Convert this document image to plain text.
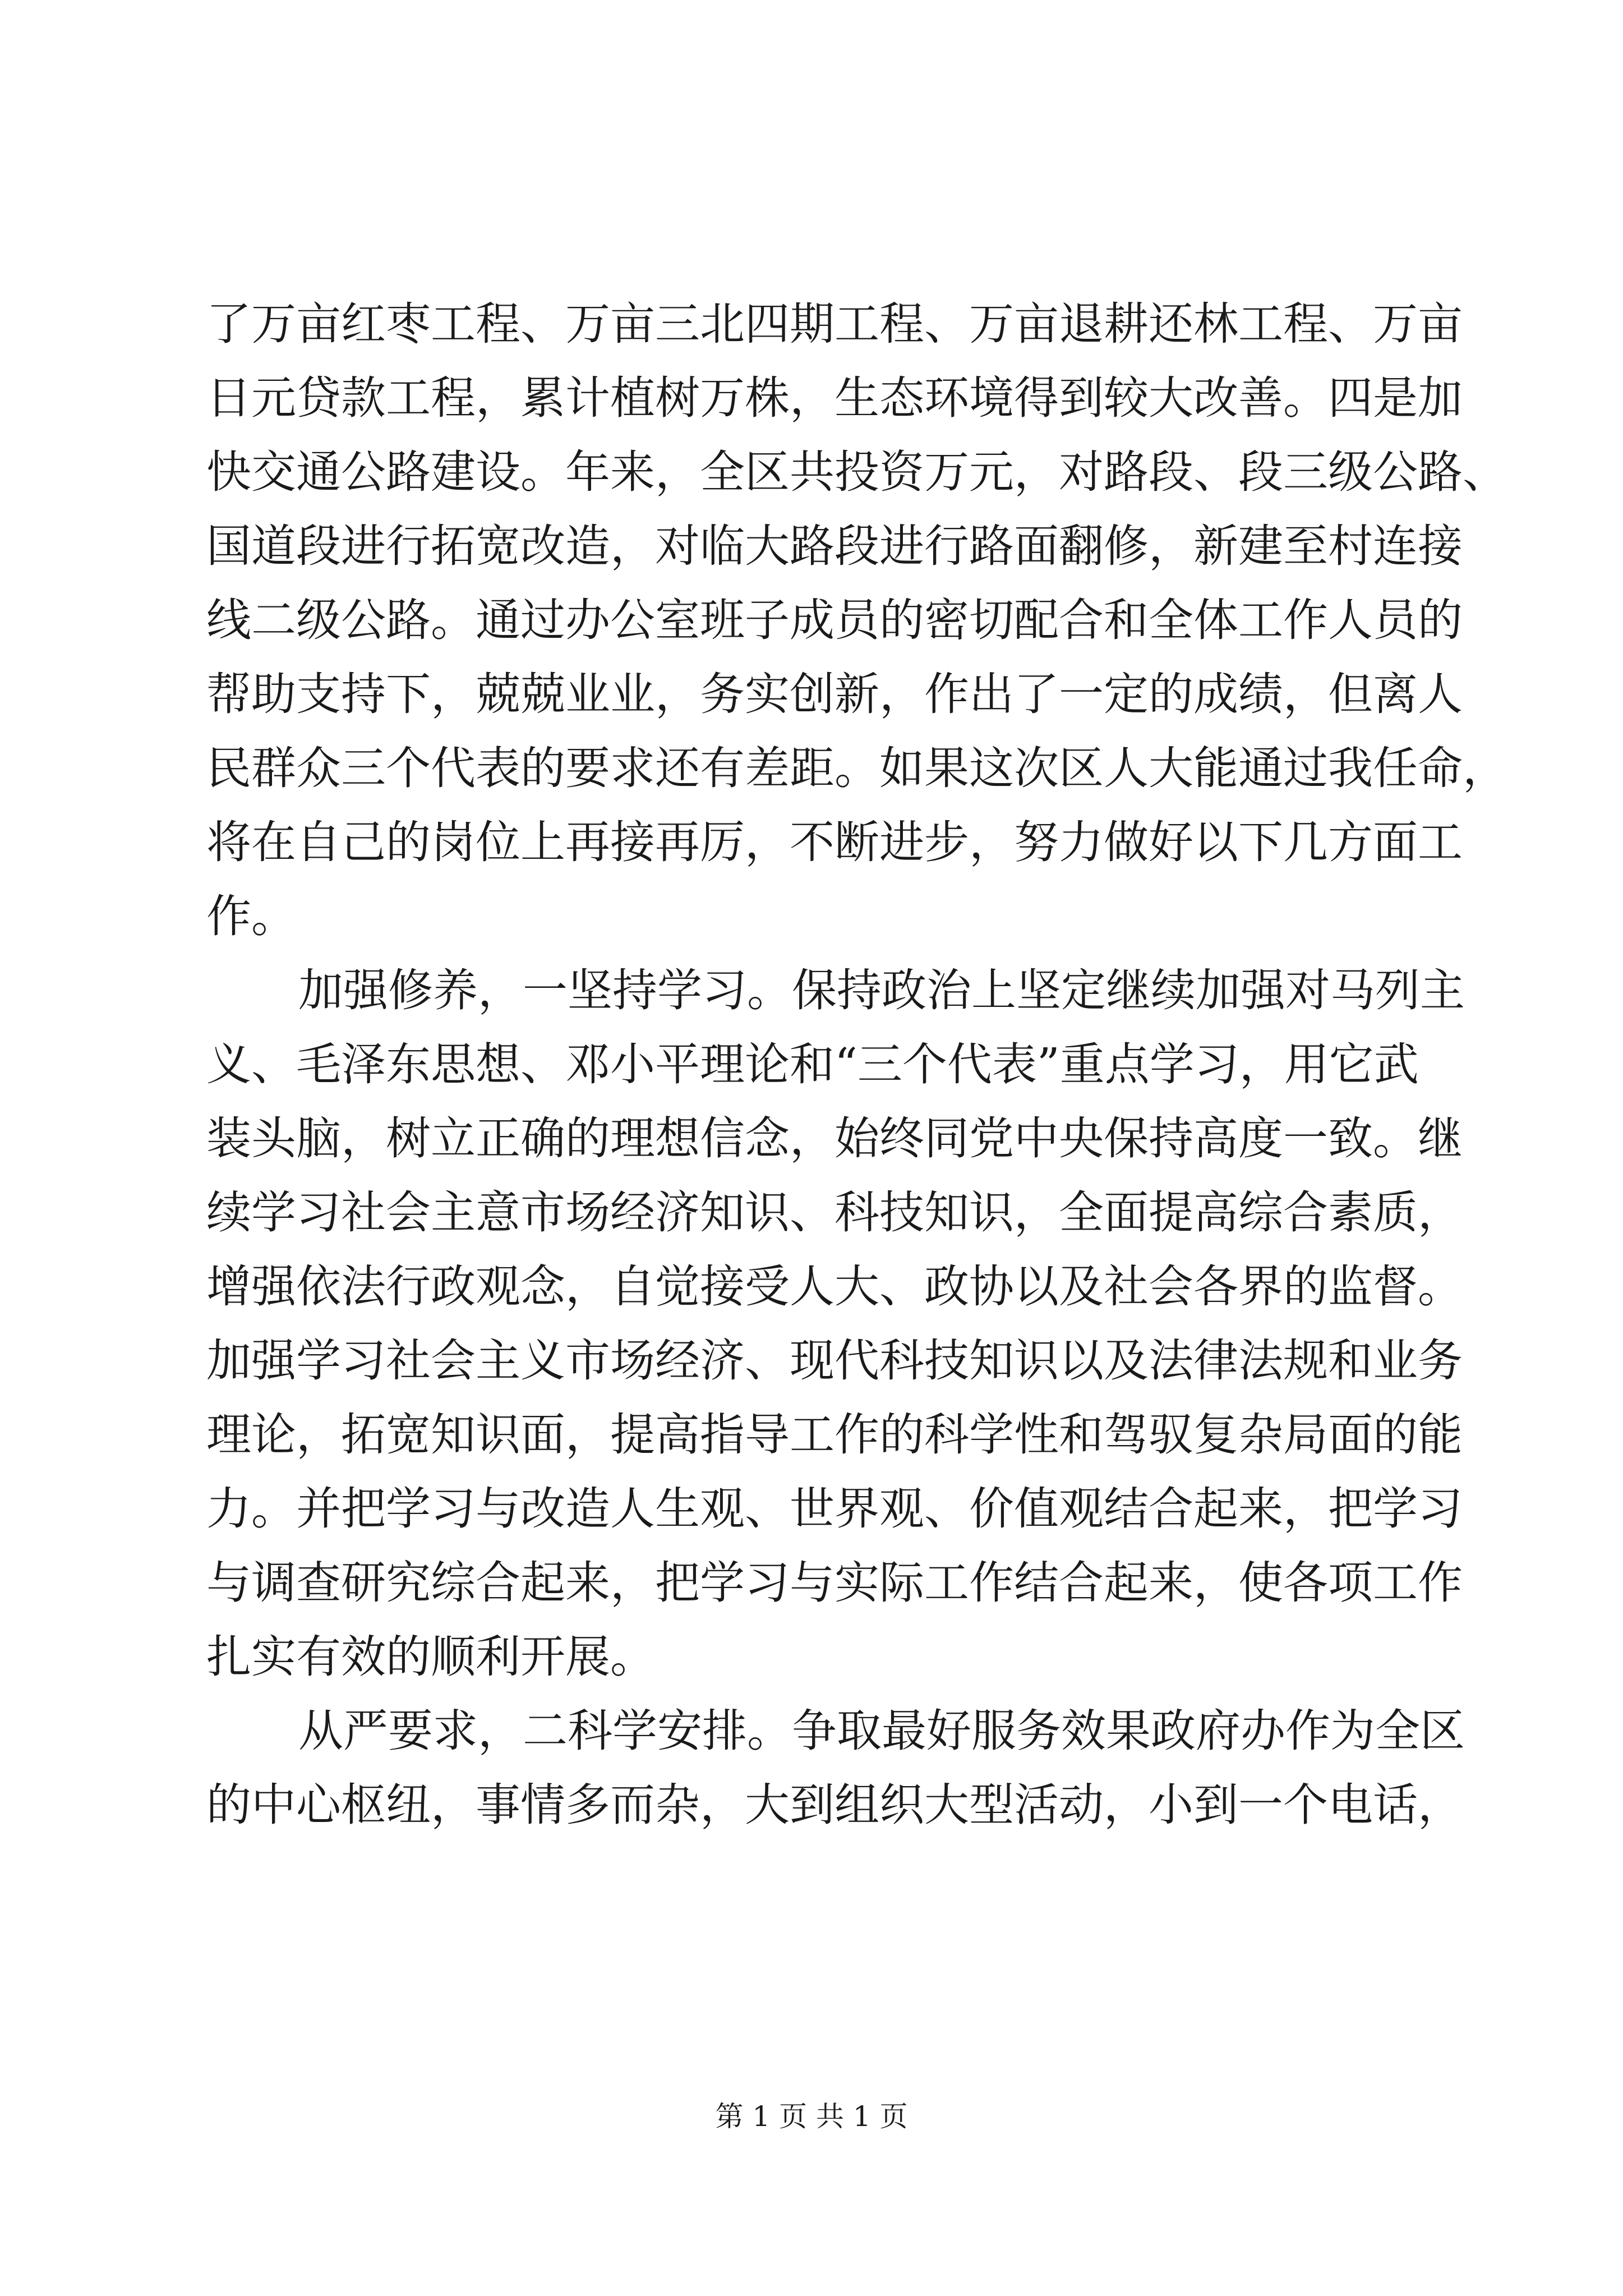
了万亩红枣工程、万亩三北四期工程、万亩退耕还林工程、万亩
日元贷款工程，累计植树万株，生态环境得到较大改善。四是加
快交通公路建设。年来，全区共投资万元，对路段、段三级公路、
国道段进行拓宽改造，对临大路段进行路面翻修，新建至村连接
线二级公路。通过办公室班子成员的密切配合和全体工作人员的
帮助支持下，兢兢业业，务实创新，作出了一定的成绩，但离人
民群众三个代表的要求还有差距。如果这次区人大能通过我任命，
将在自己的岗位上再接再厉，不断进步，努力做好以下几方面工
作。
加强修养，一坚持学习。保持政治上坚定继续加强对马列主
义、毛泽东思想、邓小平理论和“三个代表”重点学习，用它武
装头脑，树立正确的理想信念，始终同党中央保持高度一致。继
续学习社会主意市场经济知识、科技知识，全面提高综合素质，
增强依法行政观念，自觉接受人大、政协以及社会各界的监督。
加强学习社会主义市场经济、现代科技知识以及法律法规和业务
理论，拓宽知识面，提高指导工作的科学性和驾驭复杂局面的能
力。并把学习与改造人生观、世界观、价值观结合起来，把学习
与调查研究综合起来，把学习与实际工作结合起来，使各项工作
扎实有效的顺利开展。
从严要求，二科学安排。争取最好服务效果政府办作为全区
的中心枢纽，事情多而杂，大到组织大型活动，小到一个电话，
第 1 页 共 1 页
